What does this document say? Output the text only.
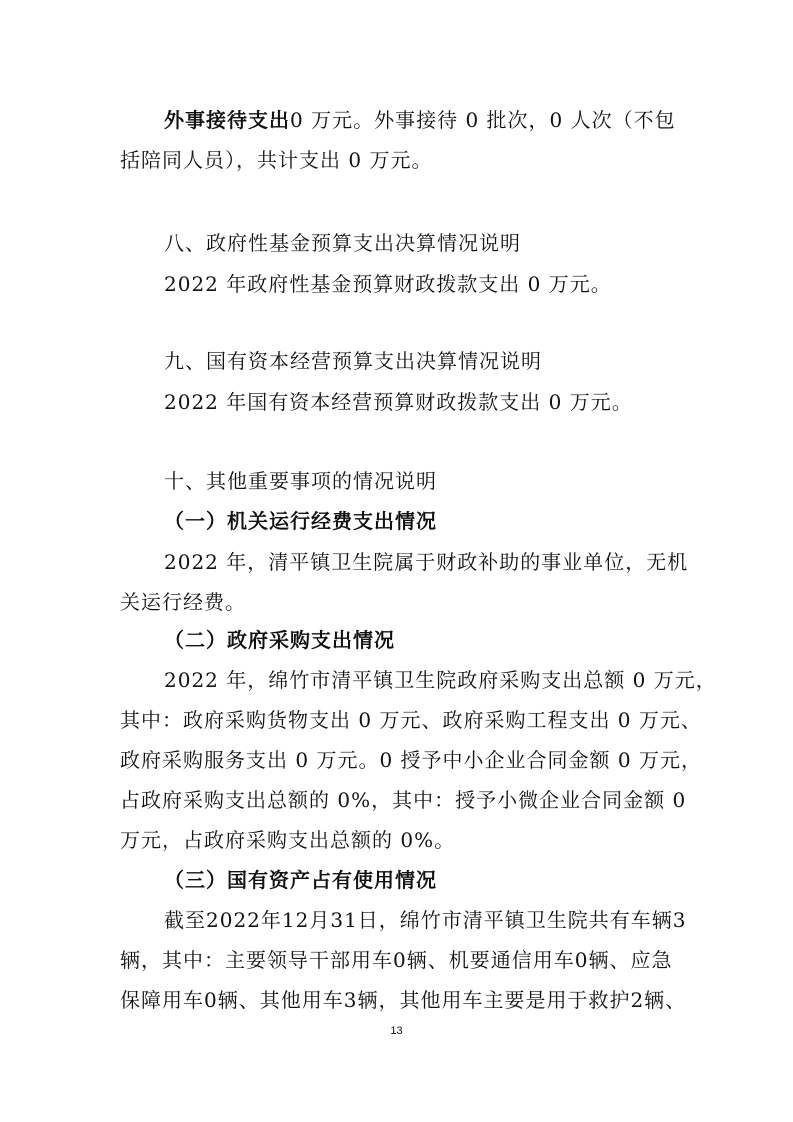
外事接待支出0 万元。外事接待 0 批次，0 人次（不包
括陪同人员），共计支出 0 万元。
八、政府性基金预算支出决算情况说明
2022 年政府性基金预算财政拨款支出 0 万元。
九、国有资本经营预算支出决算情况说明
2022 年国有资本经营预算财政拨款支出 0 万元。
十、其他重要事项的情况说明
（一）机关运行经费支出情况
2022 年，清平镇卫生院属于财政补助的事业单位，无机
关运行经费。
（二）政府采购支出情况
2022 年，绵竹市清平镇卫生院政府采购支出总额 0 万元，
其中：政府采购货物支出 0 万元、政府采购工程支出 0 万元、
政府采购服务支出 0 万元。0 授予中小企业合同金额 0 万元，
占政府采购支出总额的 0%，其中：授予小微企业合同金额 0
万元，占政府采购支出总额的 0%。
（三）国有资产占有使用情况
截至2022年12月31日，绵竹市清平镇卫生院共有车辆3
辆，其中：主要领导干部用车0辆、机要通信用车0辆、应急
保障用车0辆、其他用车3辆，其他用车主要是用于救护2辆、
13
